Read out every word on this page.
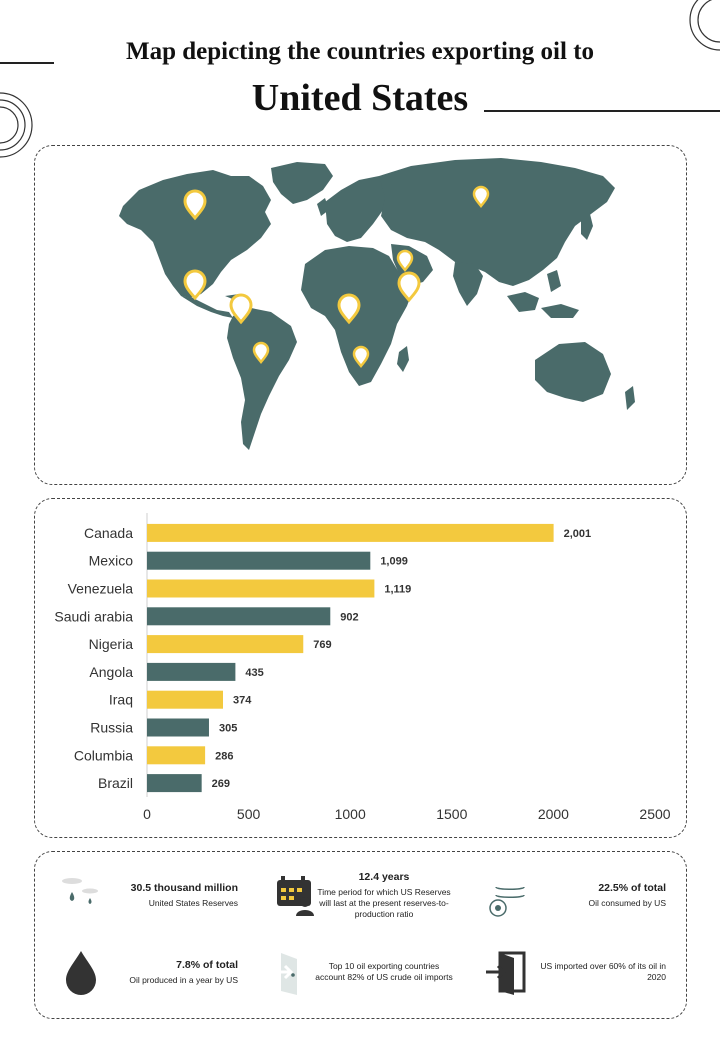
Map depicting the countries exporting oil to
United States
Canada	2,001
Mexico	1,099
Venezuela	1,119
Saudi arabia	902
Nigeria	769
Angola	435
Iraq	374
Russia	305
Columbia	286
Brazil	269
0	500	1000	1500	2000	2500
30.5 thousand million
United States Reserves
12.4 years
Time period for which US Reserves will last at the present reserves-to-production ratio
22.5% of total
Oil consumed by US
7.8% of total
Oil produced in a year by US
Top 10 oil exporting countries account 82% of US crude oil imports
US imported over 60% of its oil in 2020
